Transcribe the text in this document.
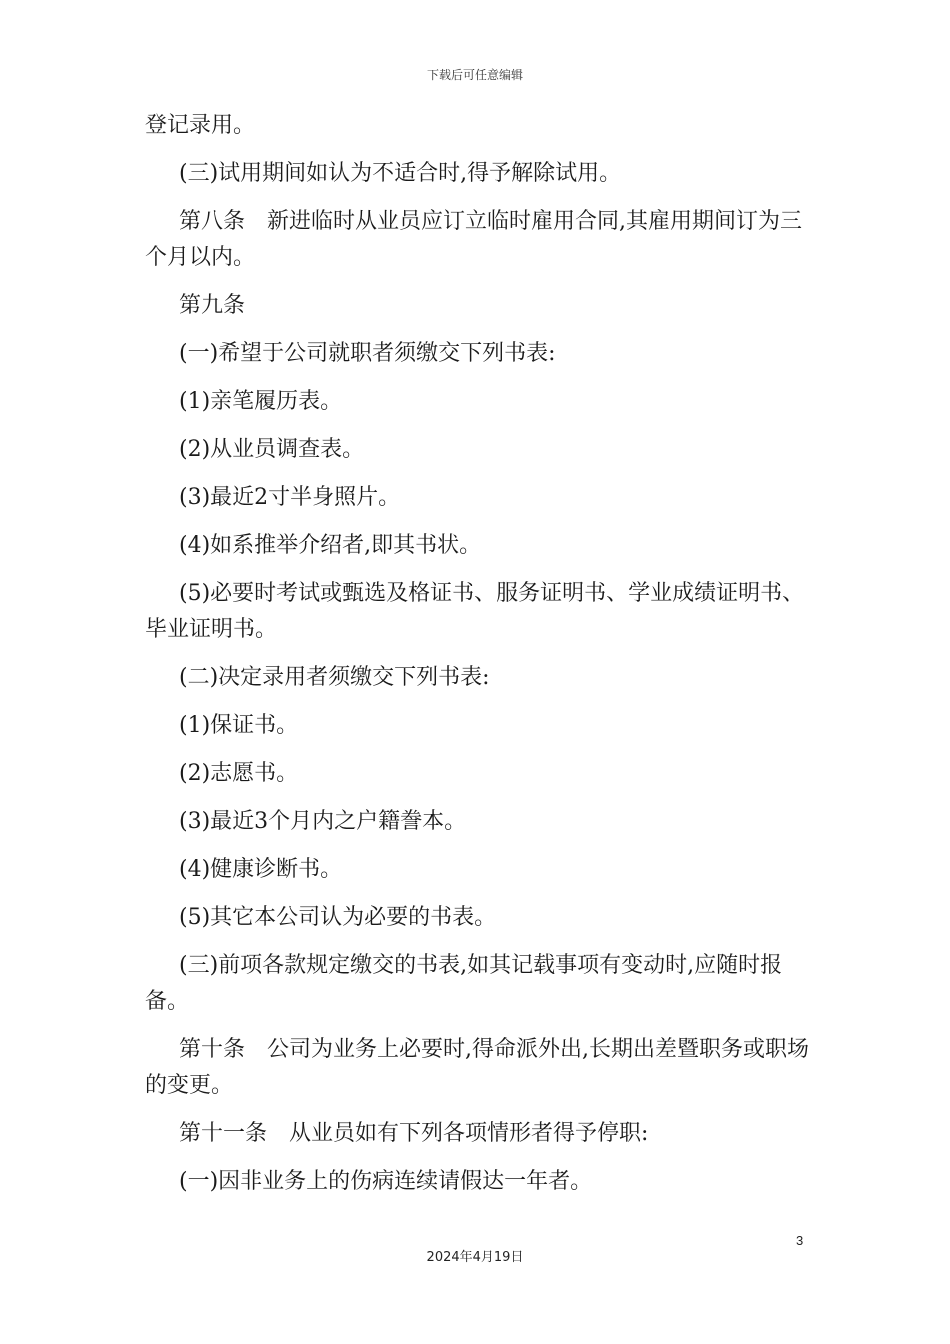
下载后可任意编辑

登记录用。

(三)试用期间如认为不适合时,得予解除试用。

第八条　新进临时从业员应订立临时雇用合同,其雇用期间订为三个月以内。

第九条

(一)希望于公司就职者须缴交下列书表:

(1)亲笔履历表。

(2)从业员调查表。

(3)最近2寸半身照片。

(4)如系推举介绍者,即其书状。

(5)必要时考试或甄选及格证书、服务证明书、学业成绩证明书、毕业证明书。

(二)决定录用者须缴交下列书表:

(1)保证书。

(2)志愿书。

(3)最近3个月内之户籍誊本。

(4)健康诊断书。

(5)其它本公司认为必要的书表。

(三)前项各款规定缴交的书表,如其记载事项有变动时,应随时报备。

第十条　公司为业务上必要时,得命派外出,长期出差暨职务或职场的变更。

第十一条　从业员如有下列各项情形者得予停职:

(一)因非业务上的伤病连续请假达一年者。

3
2024年4月19日
